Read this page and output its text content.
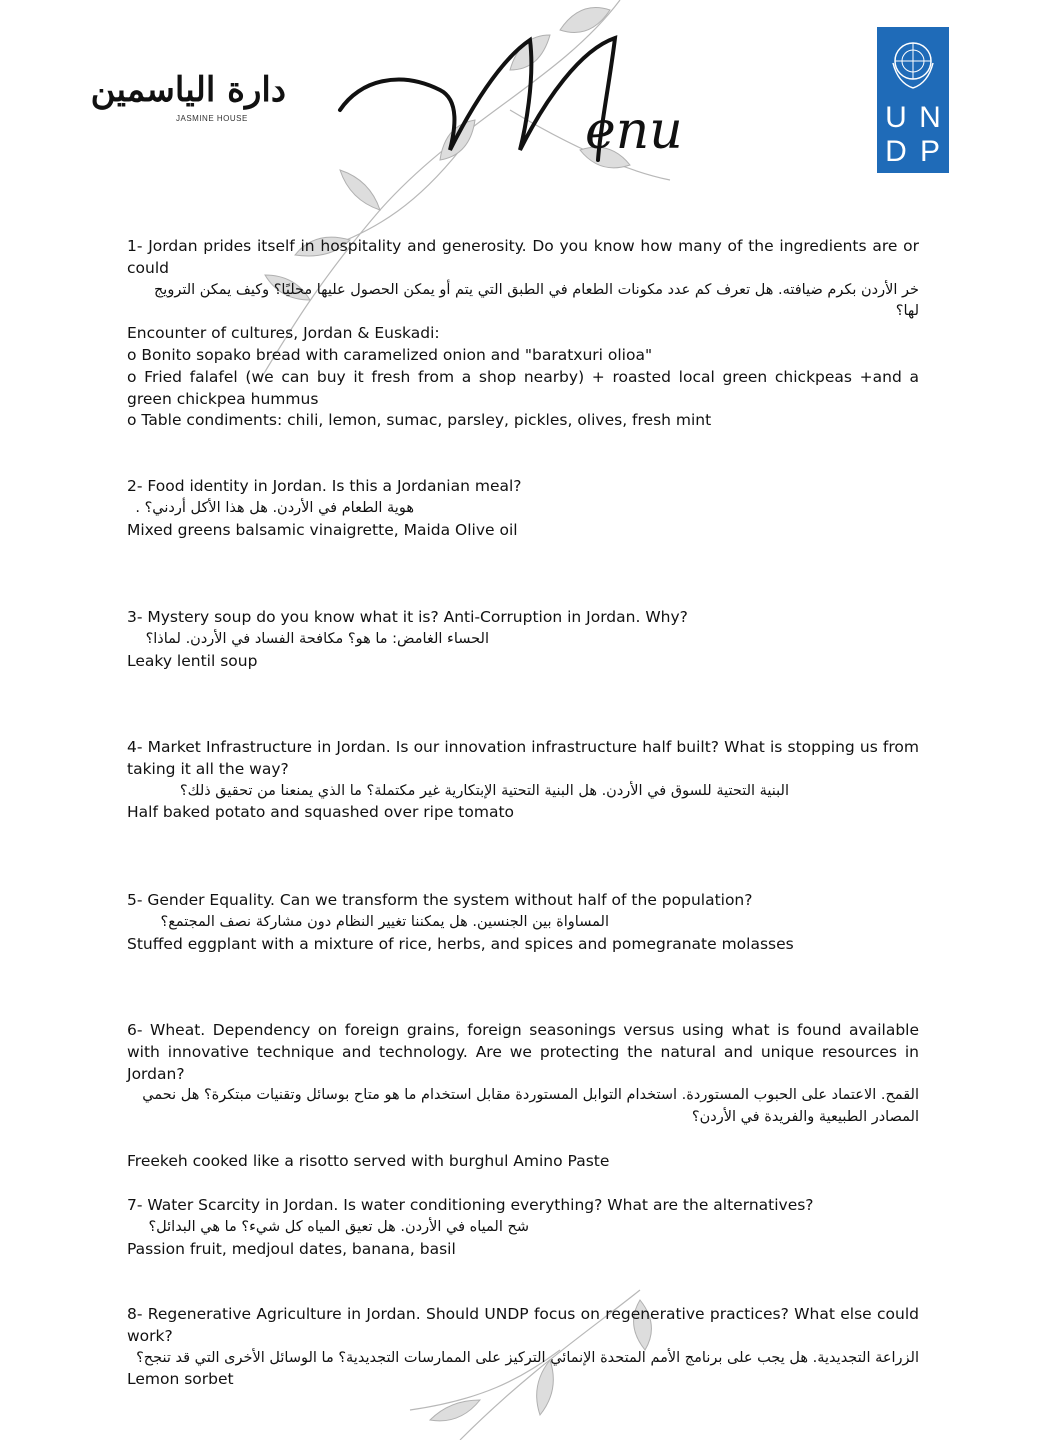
دارة الياسمين
JASMINE HOUSE	enu	U N
D P
1- Jordan prides itself in hospitality and generosity. Do you know how many of the ingredients are or could
خر الأردن بكرم ضيافته. هل تعرف كم عدد مكونات الطعام في الطبق التي يتم أو يمكن الحصول عليها محليًا؟ وكيف يمكن الترويج لها؟
Encounter of cultures, Jordan & Euskadi:
o Bonito sopako bread with caramelized onion and "baratxuri olioa"
o Fried falafel (we can buy it fresh from a shop nearby) + roasted local green chickpeas +and a green chickpea hummus
o Table condiments: chili, lemon, sumac, parsley, pickles, olives, fresh mint
2- Food identity in Jordan. Is this a Jordanian meal?
هوية الطعام في الأردن. هل هذا الأكل أردني؟ .
Mixed greens balsamic vinaigrette, Maida Olive oil
3- Mystery soup do you know what it is? Anti-Corruption in Jordan. Why?
الحساء الغامض: ما هو؟ مكافحة الفساد في الأردن. لماذا؟
Leaky lentil soup
4- Market Infrastructure in Jordan. Is our innovation infrastructure half built? What is stopping us from taking it all the way?
البنية التحتية للسوق في الأردن. هل البنية التحتية الإبتكارية غير مكتملة؟ ما الذي يمنعنا من تحقيق ذلك؟
Half baked potato and squashed over ripe tomato
5- Gender Equality. Can we transform the system without half of the population?
المساواة بين الجنسين. هل يمكننا تغيير النظام دون مشاركة نصف المجتمع؟
Stuffed eggplant with a mixture of rice, herbs, and spices and pomegranate molasses
6- Wheat. Dependency on foreign grains, foreign seasonings versus using what is found available with innovative technique and technology. Are we protecting the natural and unique resources in Jordan?
القمح. الاعتماد على الحبوب المستوردة. استخدام التوابل المستوردة مقابل استخدام ما هو متاح بوسائل وتقنيات مبتكرة؟ هل نحمي المصادر الطبيعية والفريدة في الأردن؟
Freekeh cooked like a risotto served with burghul Amino Paste
7- Water Scarcity in Jordan. Is water conditioning everything? What are the alternatives?
شح المياه في الأردن. هل تعيق المياه كل شيء؟ ما هي البدائل؟
Passion fruit, medjoul dates, banana, basil
8- Regenerative Agriculture in Jordan. Should UNDP focus on regenerative practices? What else could work?
الزراعة التجديدية. هل يجب على برنامج الأمم المتحدة الإنمائي التركيز على الممارسات التجديدية؟ ما الوسائل الأخرى التي قد تنجح؟
Lemon sorbet
